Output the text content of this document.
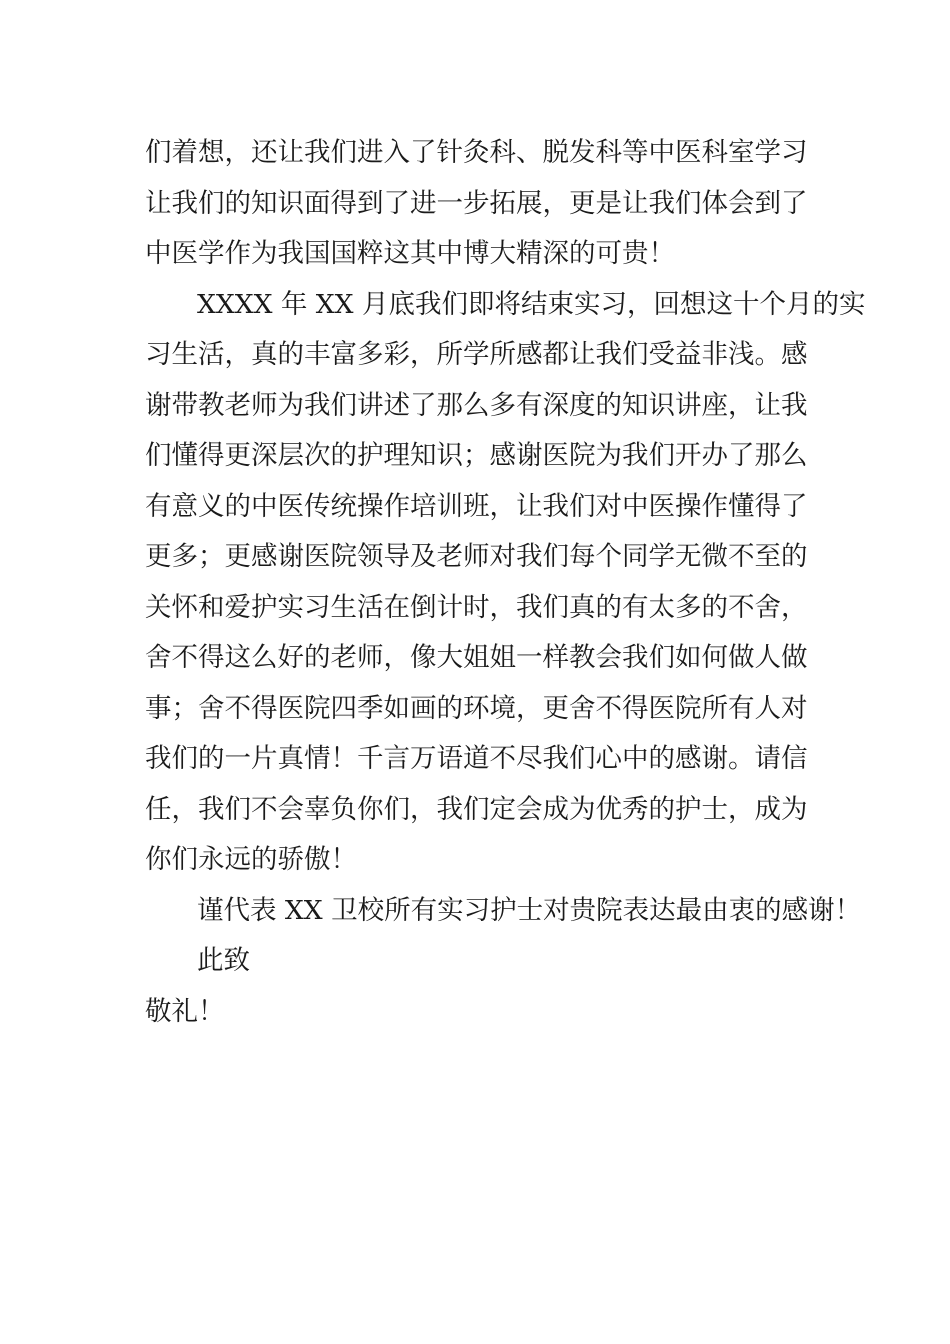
们着想，还让我们进入了针灸科、脱发科等中医科室学习
让我们的知识面得到了进一步拓展，更是让我们体会到了
中医学作为我国国粹这其中博大精深的可贵！
XXXX 年 XX 月底我们即将结束实习，回想这十个月的实
习生活，真的丰富多彩，所学所感都让我们受益非浅。感
谢带教老师为我们讲述了那么多有深度的知识讲座，让我
们懂得更深层次的护理知识；感谢医院为我们开办了那么
有意义的中医传统操作培训班，让我们对中医操作懂得了
更多；更感谢医院领导及老师对我们每个同学无微不至的
关怀和爱护实习生活在倒计时，我们真的有太多的不舍，
舍不得这么好的老师，像大姐姐一样教会我们如何做人做
事；舍不得医院四季如画的环境，更舍不得医院所有人对
我们的一片真情！千言万语道不尽我们心中的感谢。请信
任，我们不会辜负你们，我们定会成为优秀的护士，成为
你们永远的骄傲！
谨代表 XX 卫校所有实习护士对贵院表达最由衷的感谢！
此致
敬礼！
